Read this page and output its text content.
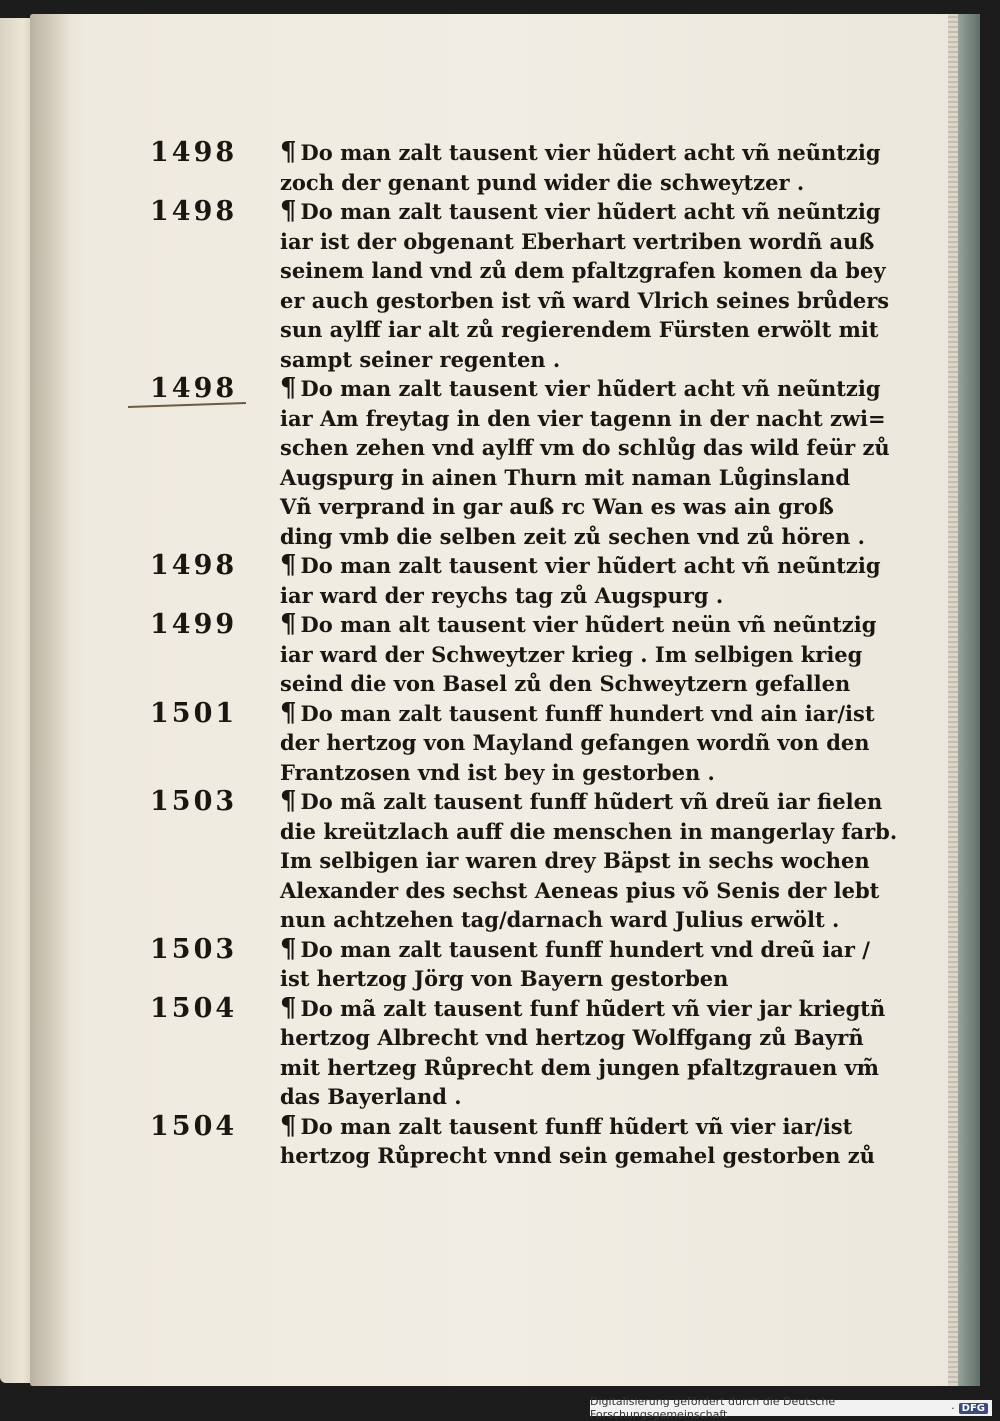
1498	¶ Do man zalt tausent vier hũdert acht vñ neũntzig
zoch der genant pund wider die schweytzer .
1498	¶ Do man zalt tausent vier hũdert acht vñ neũntzig
iar ist der obgenant Eberhart vertriben wordñ auß
seinem land vnd zů dem pfaltzgrafen komen da bey
er auch gestorben ist vñ ward Vlrich seines brůders
sun aylff iar alt zů regierendem Fürsten erwölt mit
sampt seiner regenten .
1498	¶ Do man zalt tausent vier hũdert acht vñ neũntzig
iar Am freytag in den vier tagenn in der nacht zwi=
schen zehen vnd aylff vm do schlůg das wild feür zů
Augspurg in ainen Thurn mit naman Lůginsland
Vñ verprand in gar auß rc Wan es was ain groß
ding vmb die selben zeit zů sechen vnd zů hören .
1498	¶ Do man zalt tausent vier hũdert acht vñ neũntzig
iar ward der reychs tag zů Augspurg .
1499	¶ Do man alt tausent vier hũdert neün vñ neũntzig
iar ward der Schweytzer krieg . Im selbigen krieg
seind die von Basel zů den Schweytzern gefallen
1501	¶ Do man zalt tausent funff hundert vnd ain iar/ist
der hertzog von Mayland gefangen wordñ von den
Frantzosen vnd ist bey in gestorben .
1503	¶ Do mã zalt tausent funff hũdert vñ dreũ iar fielen
die kreützlach auff die menschen in mangerlay farb.
Im selbigen iar waren drey Bäpst in sechs wochen
Alexander des sechst Aeneas pius võ Senis der lebt
nun achtzehen tag/darnach ward Julius erwölt .
1503	¶ Do man zalt tausent funff hundert vnd dreũ iar /
ist hertzog Jörg von Bayern gestorben
1504	¶ Do mã zalt tausent funf hũdert vñ vier jar kriegtñ
hertzog Albrecht vnd hertzog Wolffgang zů Bayrñ
mit hertzeg Růprecht dem jungen pfaltzgrauen vm̃
das Bayerland .
1504	¶ Do man zalt tausent funff hũdert vñ vier iar/ist
hertzog Růprecht vnnd sein gemahel gestorben zů
Digitalisierung gefördert durch die Deutsche Forschungsgemeinschaft	· DFG
